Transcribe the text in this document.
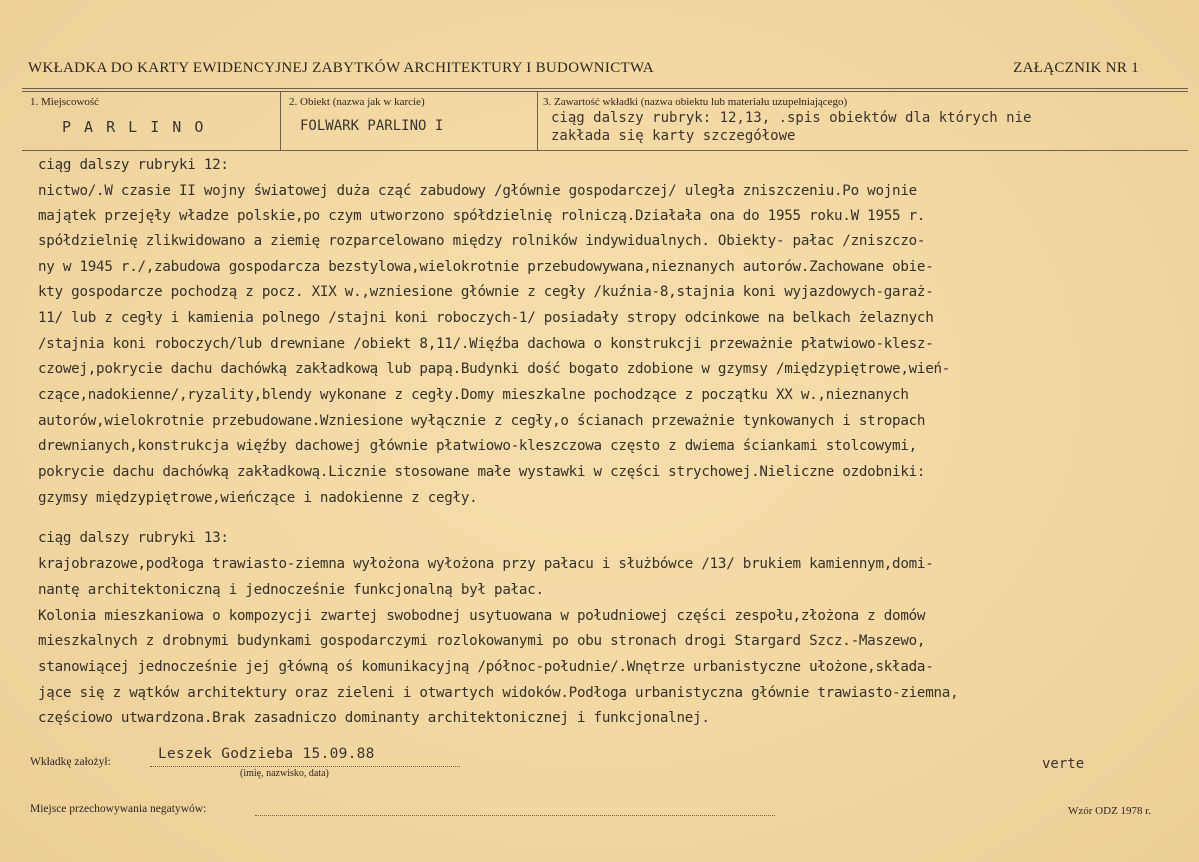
WKŁADKA DO KARTY EWIDENCYJNEJ ZABYTKÓW ARCHITEKTURY I BUDOWNICTWA	ZAŁĄCZNIK NR 1
1. Miejscowość
P A R L I N O
2. Obiekt (nazwa jak w karcie)
FOLWARK PARLINO I
3. Zawartość wkładki (nazwa obiektu lub materiału uzupełniającego)
ciąg dalszy rubryk: 12,13, .spis obiektów dla których nie
zakłada się karty szczegółowe
ciąg dalszy rubryki 12:
nictwo/.W czasie II wojny światowej duża cząć zabudowy /głównie gospodarczej/ uległa zniszczeniu.Po wojnie
majątek przejęły władze polskie,po czym utworzono spółdzielnię rolniczą.Działała ona do 1955 roku.W 1955 r.
spółdzielnię zlikwidowano a ziemię rozparcelowano między rolników indywidualnych. Obiekty- pałac /zniszczo-
ny w 1945 r./,zabudowa gospodarcza bezstylowa,wielokrotnie przebudowywana,nieznanych autorów.Zachowane obie-
kty gospodarcze pochodzą z pocz. XIX w.,wzniesione głównie z cegły /kuźnia-8,stajnia koni wyjazdowych-garaż-
11/ lub z cegły i kamienia polnego /stajni koni roboczych-1/ posiadały stropy odcinkowe na belkach żelaznych
/stajnia koni roboczych/lub drewniane /obiekt 8,11/.Więźba dachowa o konstrukcji przeważnie płatwiowo-klesz-
czowej,pokrycie dachu dachówką zakładkową lub papą.Budynki dość bogato zdobione w gzymsy /międzypiętrowe,wień-
czące,nadokienne/,ryzality,blendy wykonane z cegły.Domy mieszkalne pochodzące z początku XX w.,nieznanych
autorów,wielokrotnie przebudowane.Wzniesione wyłącznie z cegły,o ścianach przeważnie tynkowanych i stropach
drewnianych,konstrukcja więźby dachowej głównie płatwiowo-kleszczowa często z dwiema ściankami stolcowymi,
pokrycie dachu dachówką zakładkową.Licznie stosowane małe wystawki w części strychowej.Nieliczne ozdobniki:
gzymsy międzypiętrowe,wieńczące i nadokienne z cegły.
ciąg dalszy rubryki 13:
krajobrazowe,podłoga trawiasto-ziemna wyłożona wyłożona przy pałacu i służbówce /13/ brukiem kamiennym,domi-
nantę architektoniczną i jednocześnie funkcjonalną był pałac.
Kolonia mieszkaniowa o kompozycji zwartej swobodnej usytuowana w południowej części zespołu,złożona z domów
mieszkalnych z drobnymi budynkami gospodarczymi rozlokowanymi po obu stronach drogi Stargard Szcz.-Maszewo,
stanowiącej jednocześnie jej główną oś komunikacyjną /północ-południe/.Wnętrze urbanistyczne ułożone,składa-
jące się z wątków architektury oraz zieleni i otwartych widoków.Podłoga urbanistyczna głównie trawiasto-ziemna,
częściowo utwardzona.Brak zasadniczo dominanty architektonicznej i funkcjonalnej.
Wkładkę założył:	Leszek Godzieba 15.09.88
(imię, nazwisko, data)
verte
Miejsce przechowywania negatywów:	Wzór ODZ 1978 r.
